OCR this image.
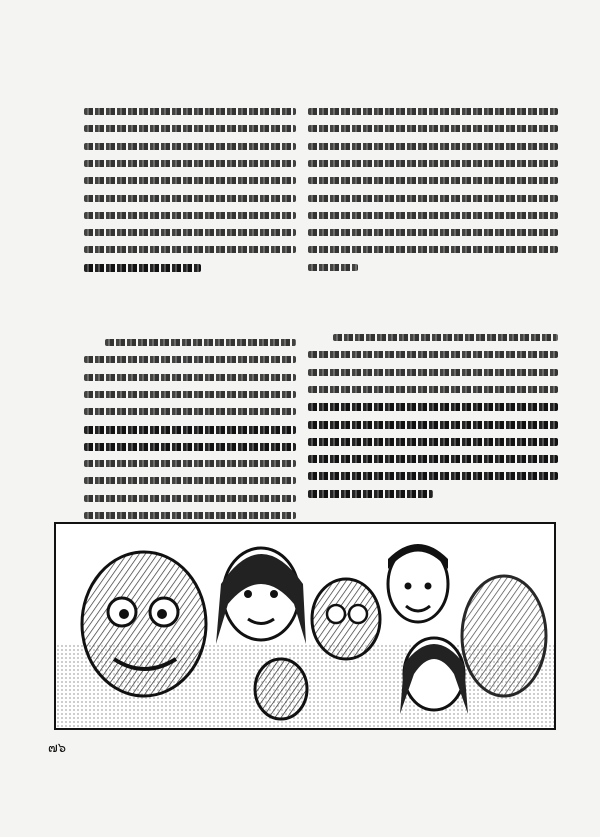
๗๖
